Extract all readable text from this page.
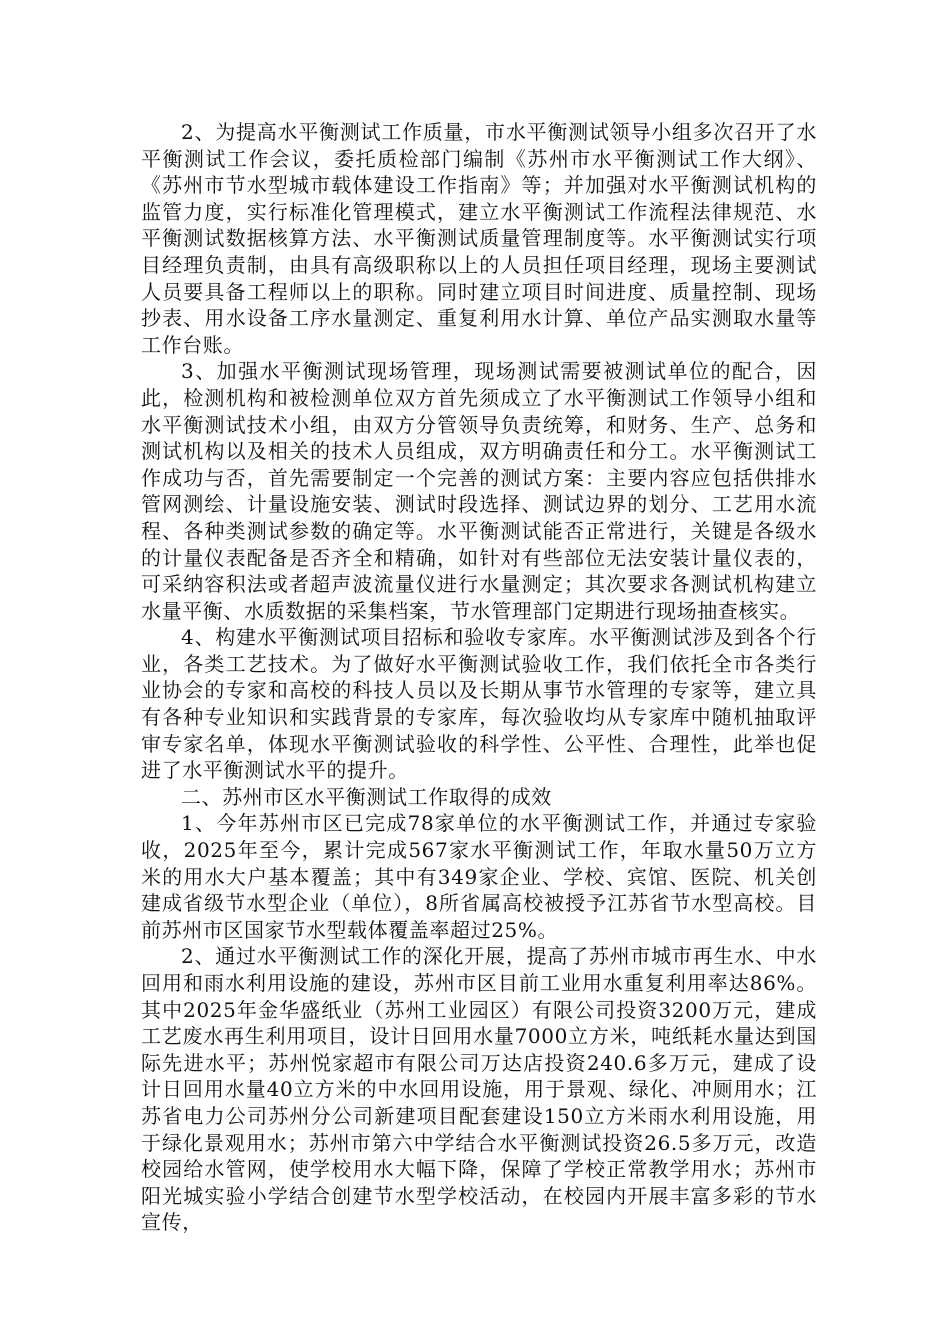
2、为提高水平衡测试工作质量，市水平衡测试领导小组多次召开了水平衡测试工作会议，委托质检部门编制《苏州市水平衡测试工作大纲》、《苏州市节水型城市载体建设工作指南》等；并加强对水平衡测试机构的监管力度，实行标准化管理模式，建立水平衡测试工作流程法律规范、水平衡测试数据核算方法、水平衡测试质量管理制度等。水平衡测试实行项目经理负责制，由具有高级职称以上的人员担任项目经理，现场主要测试人员要具备工程师以上的职称。同时建立项目时间进度、质量控制、现场抄表、用水设备工序水量测定、重复利用水计算、单位产品实测取水量等工作台账。

3、加强水平衡测试现场管理，现场测试需要被测试单位的配合，因此，检测机构和被检测单位双方首先须成立了水平衡测试工作领导小组和水平衡测试技术小组，由双方分管领导负责统筹，和财务、生产、总务和测试机构以及相关的技术人员组成，双方明确责任和分工。水平衡测试工作成功与否，首先需要制定一个完善的测试方案：主要内容应包括供排水管网测绘、计量设施安装、测试时段选择、测试边界的划分、工艺用水流程、各种类测试参数的确定等。水平衡测试能否正常进行，关键是各级水的计量仪表配备是否齐全和精确，如针对有些部位无法安装计量仪表的，可采纳容积法或者超声波流量仪进行水量测定；其次要求各测试机构建立水量平衡、水质数据的采集档案，节水管理部门定期进行现场抽查核实。

4、构建水平衡测试项目招标和验收专家库。水平衡测试涉及到各个行业，各类工艺技术。为了做好水平衡测试验收工作，我们依托全市各类行业协会的专家和高校的科技人员以及长期从事节水管理的专家等，建立具有各种专业知识和实践背景的专家库，每次验收均从专家库中随机抽取评审专家名单，体现水平衡测试验收的科学性、公平性、合理性，此举也促进了水平衡测试水平的提升。

二、苏州市区水平衡测试工作取得的成效

1、今年苏州市区已完成78家单位的水平衡测试工作，并通过专家验收，2025年至今，累计完成567家水平衡测试工作，年取水量50万立方米的用水大户基本覆盖；其中有349家企业、学校、宾馆、医院、机关创建成省级节水型企业（单位），8所省属高校被授予江苏省节水型高校。目前苏州市区国家节水型载体覆盖率超过25%。

2、通过水平衡测试工作的深化开展，提高了苏州市城市再生水、中水回用和雨水利用设施的建设，苏州市区目前工业用水重复利用率达86%。其中2025年金华盛纸业（苏州工业园区）有限公司投资3200万元，建成工艺废水再生利用项目，设计日回用水量7000立方米，吨纸耗水量达到国际先进水平；苏州悦家超市有限公司万达店投资240.6多万元，建成了设计日回用水量40立方米的中水回用设施，用于景观、绿化、冲厕用水；江苏省电力公司苏州分公司新建项目配套建设150立方米雨水利用设施，用于绿化景观用水；苏州市第六中学结合水平衡测试投资26.5多万元，改造校园给水管网，使学校用水大幅下降，保障了学校正常教学用水；苏州市阳光城实验小学结合创建节水型学校活动，在校园内开展丰富多彩的节水宣传，
